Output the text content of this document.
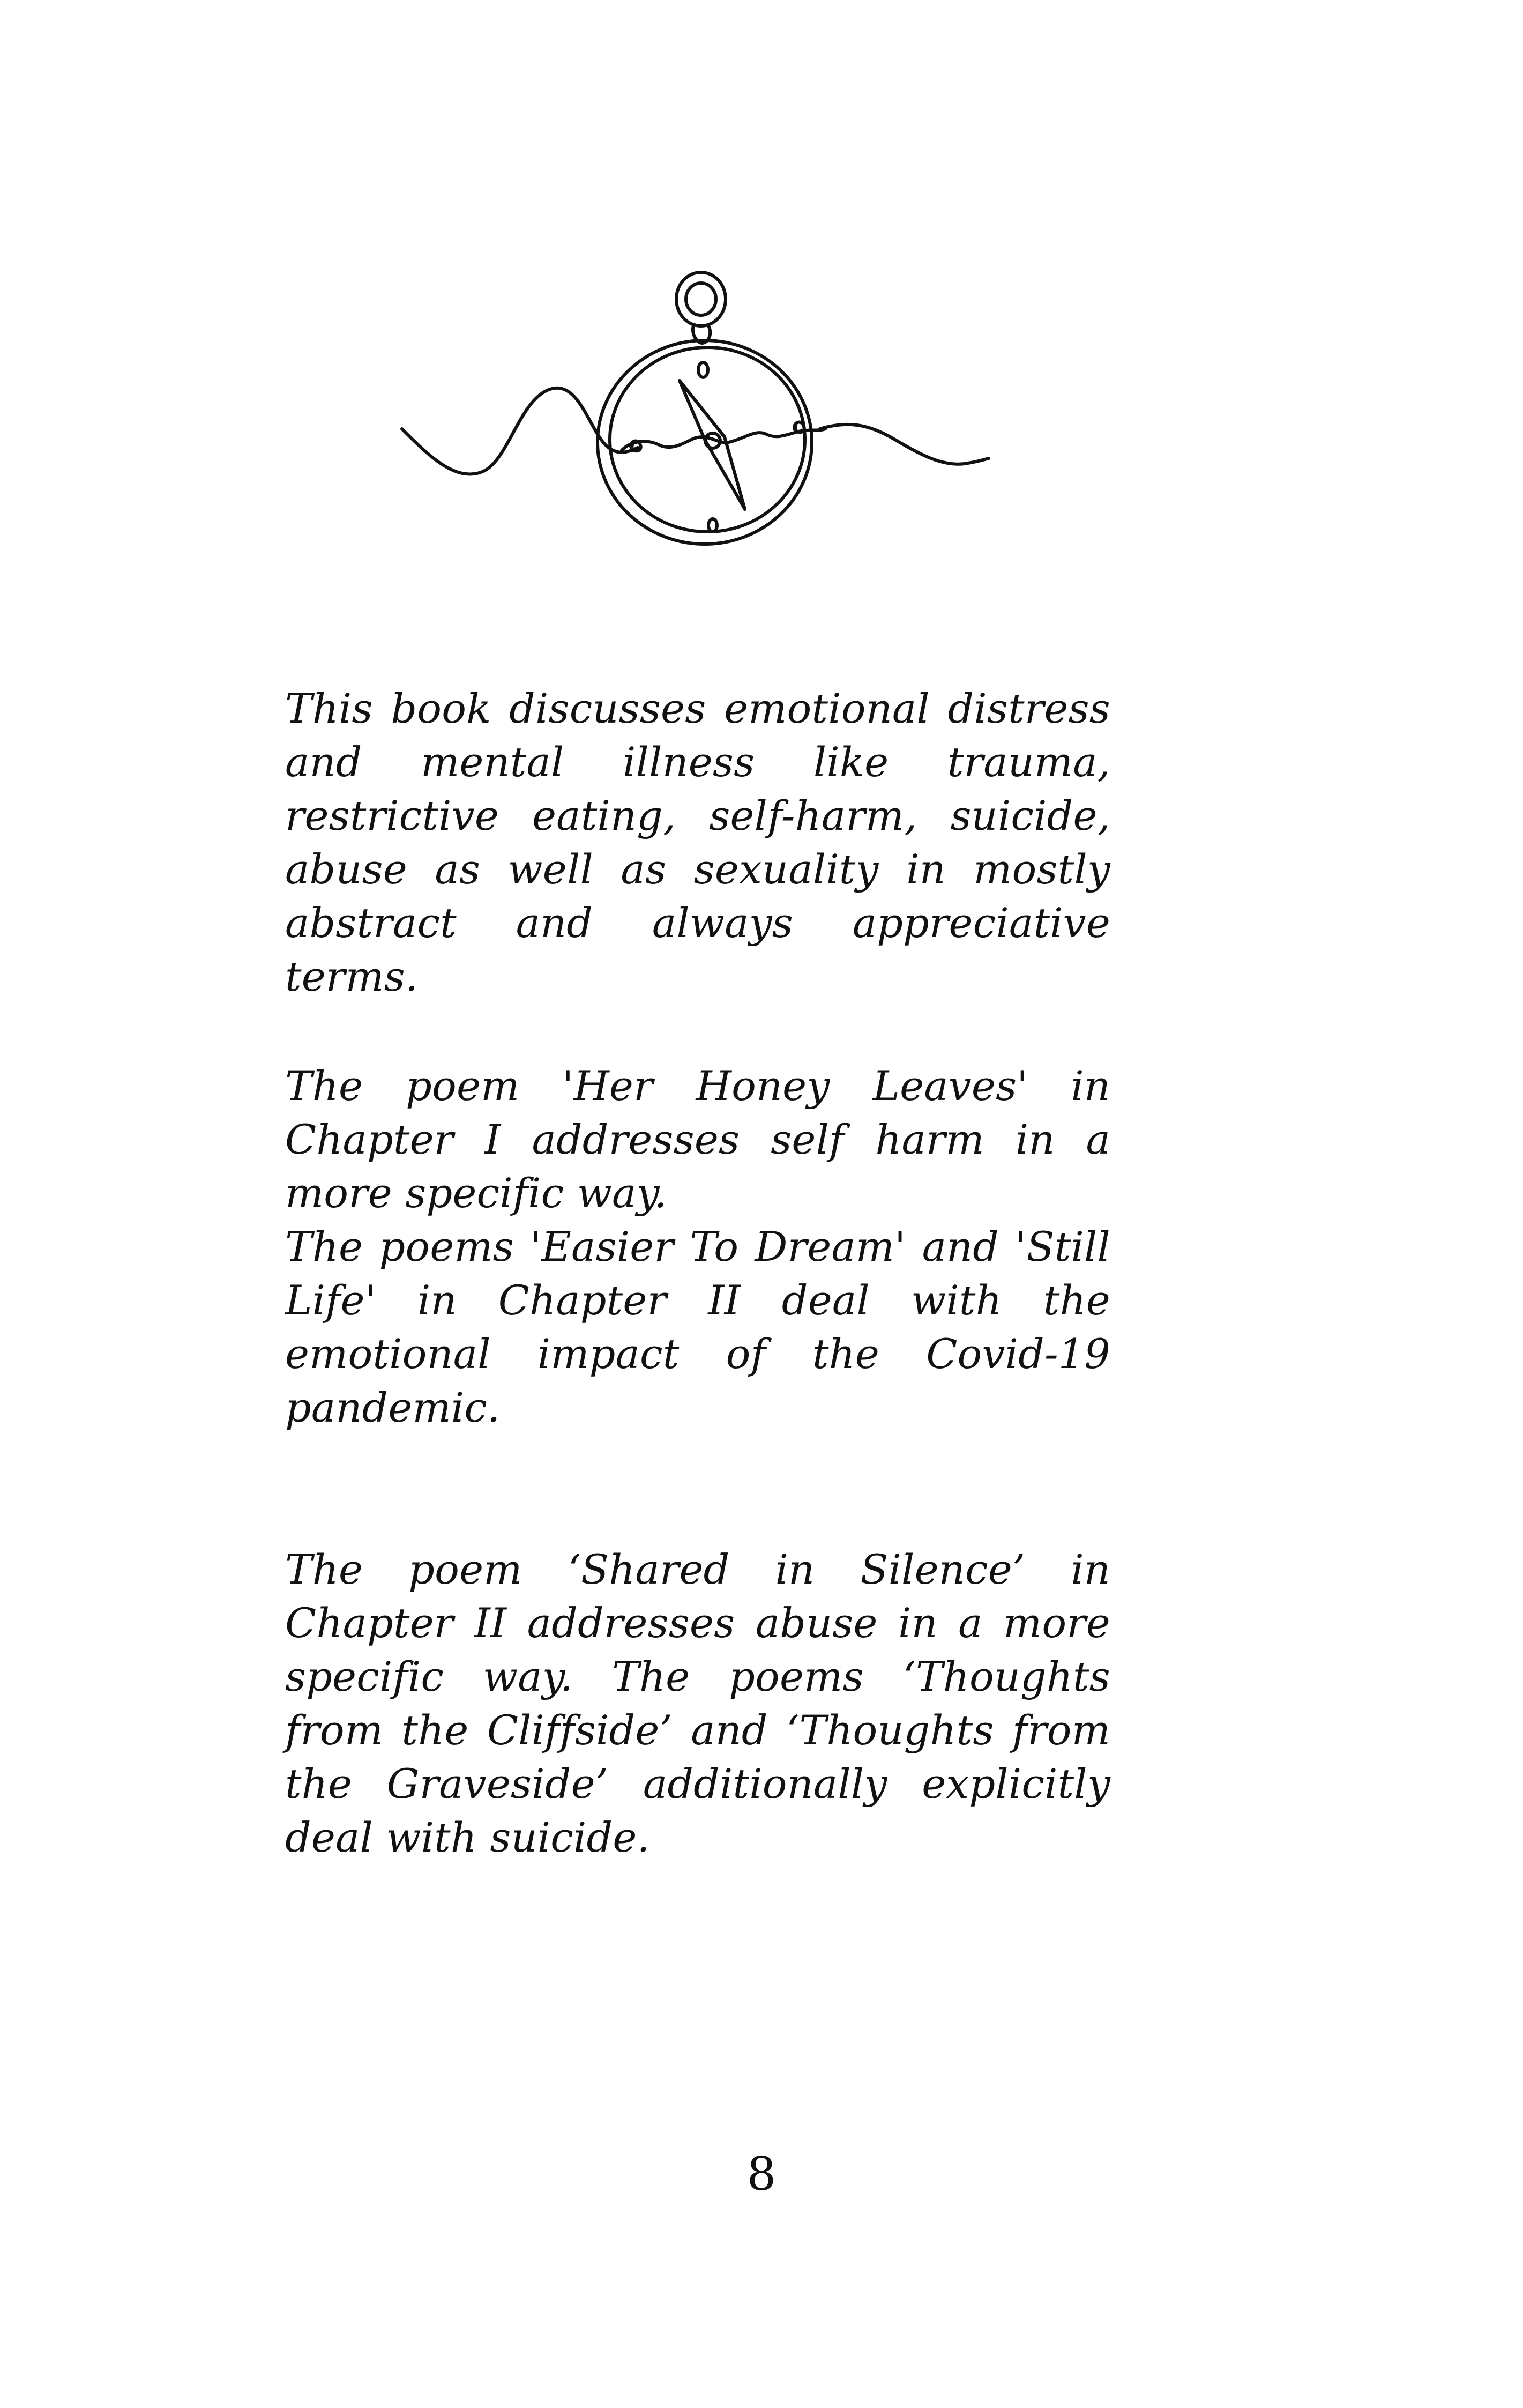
This book discusses emotional distress and mental illness like trauma, restrictive eating, self-harm, suicide, abuse as well as sexuality in mostly abstract and always appreciative terms.

The poem 'Her Honey Leaves' in Chapter I addresses self harm in a more specific way.

The poems 'Easier To Dream' and 'Still Life' in Chapter II deal with the emotional impact of the Covid-19 pandemic.

The poem ‘Shared in Silence’ in Chapter II addresses abuse in a more specific way. The poems ‘Thoughts from the Cliffside’ and ‘Thoughts from the Graveside’ additionally explicitly deal with suicide.

8
